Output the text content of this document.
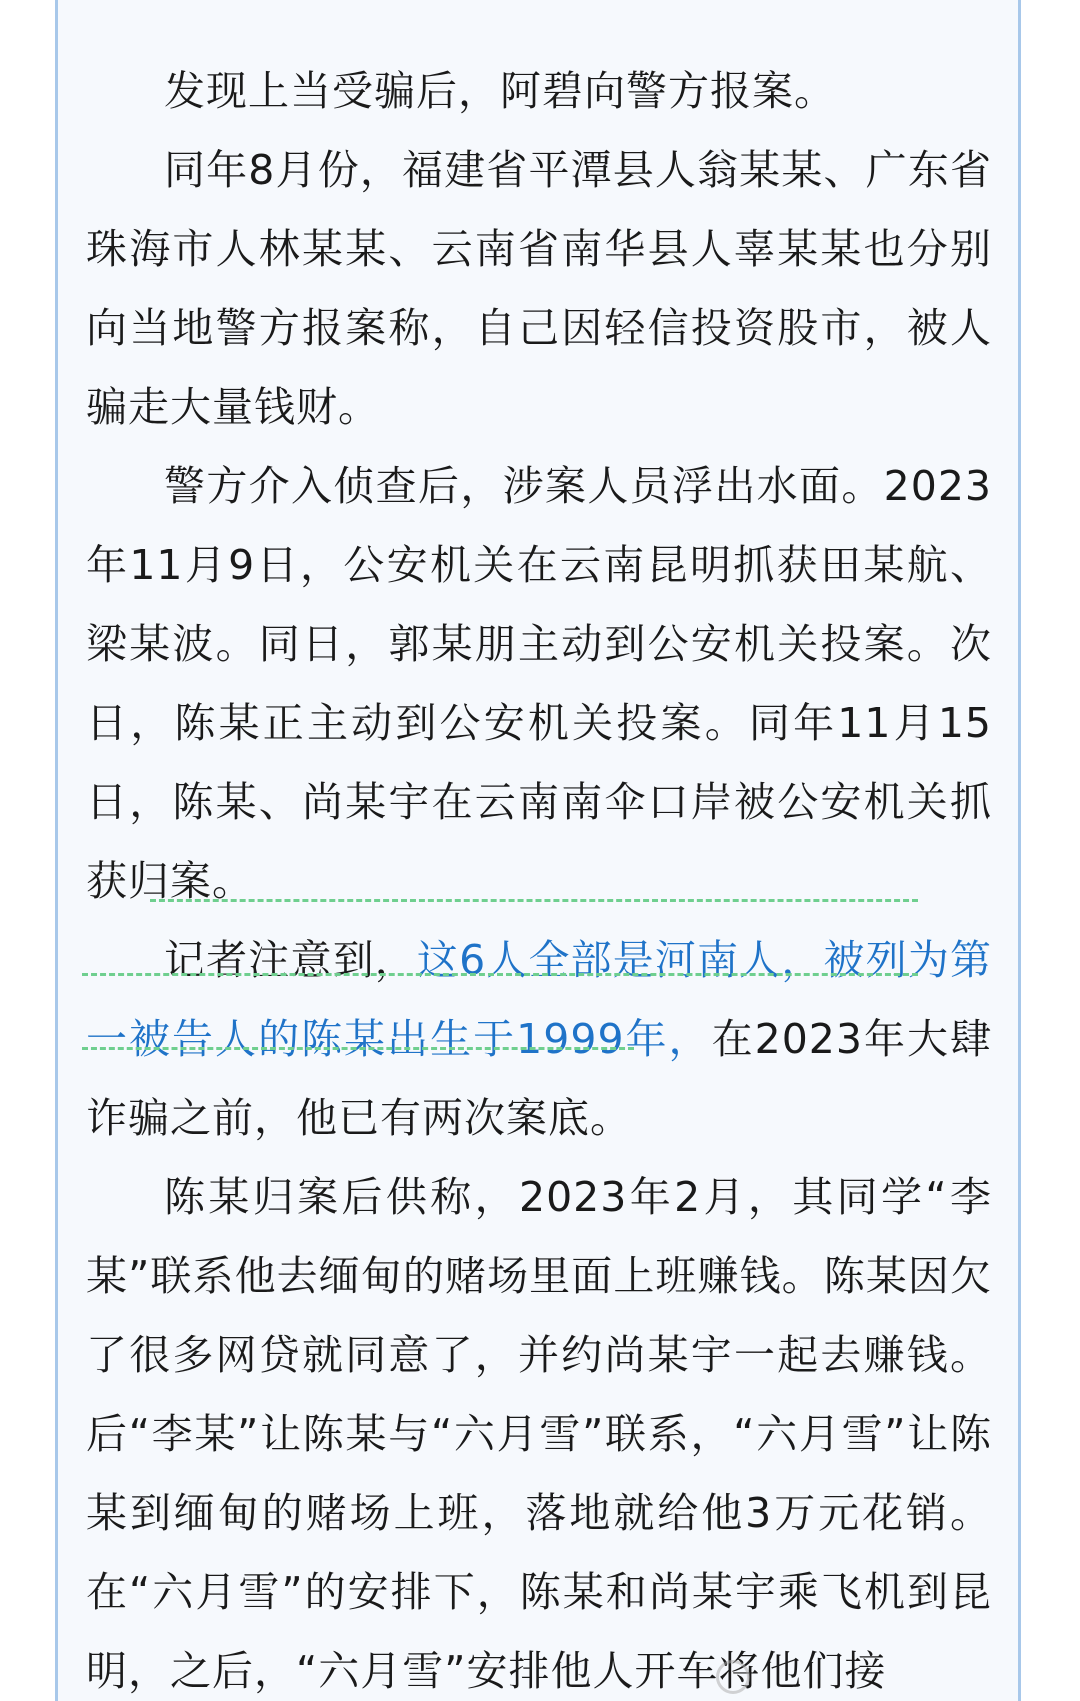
发现上当受骗后，阿碧向警方报案。

同年8月份，福建省平潭县人翁某某、广东省珠海市人林某某、云南省南华县人辜某某也分别向当地警方报案称，自己因轻信投资股市，被人骗走大量钱财。

警方介入侦查后，涉案人员浮出水面。2023年11月9日，公安机关在云南昆明抓获田某航、梁某波。同日，郭某朋主动到公安机关投案。次日，陈某正主动到公安机关投案。同年11月15日，陈某、尚某宇在云南南伞口岸被公安机关抓获归案。

记者注意到，这6人全部是河南人，被列为第一被告人的陈某出生于1999年，在2023年大肆诈骗之前，他已有两次案底。

陈某归案后供称，2023年2月，其同学“李某”联系他去缅甸的赌场里面上班赚钱。陈某因欠了很多网贷就同意了，并约尚某宇一起去赚钱。后“李某”让陈某与“六月雪”联系，“六月雪”让陈某到缅甸的赌场上班，落地就给他3万元花销。在“六月雪”的安排下，陈某和尚某宇乘飞机到昆明，之后，“六月雪”安排他人开车将他们接
